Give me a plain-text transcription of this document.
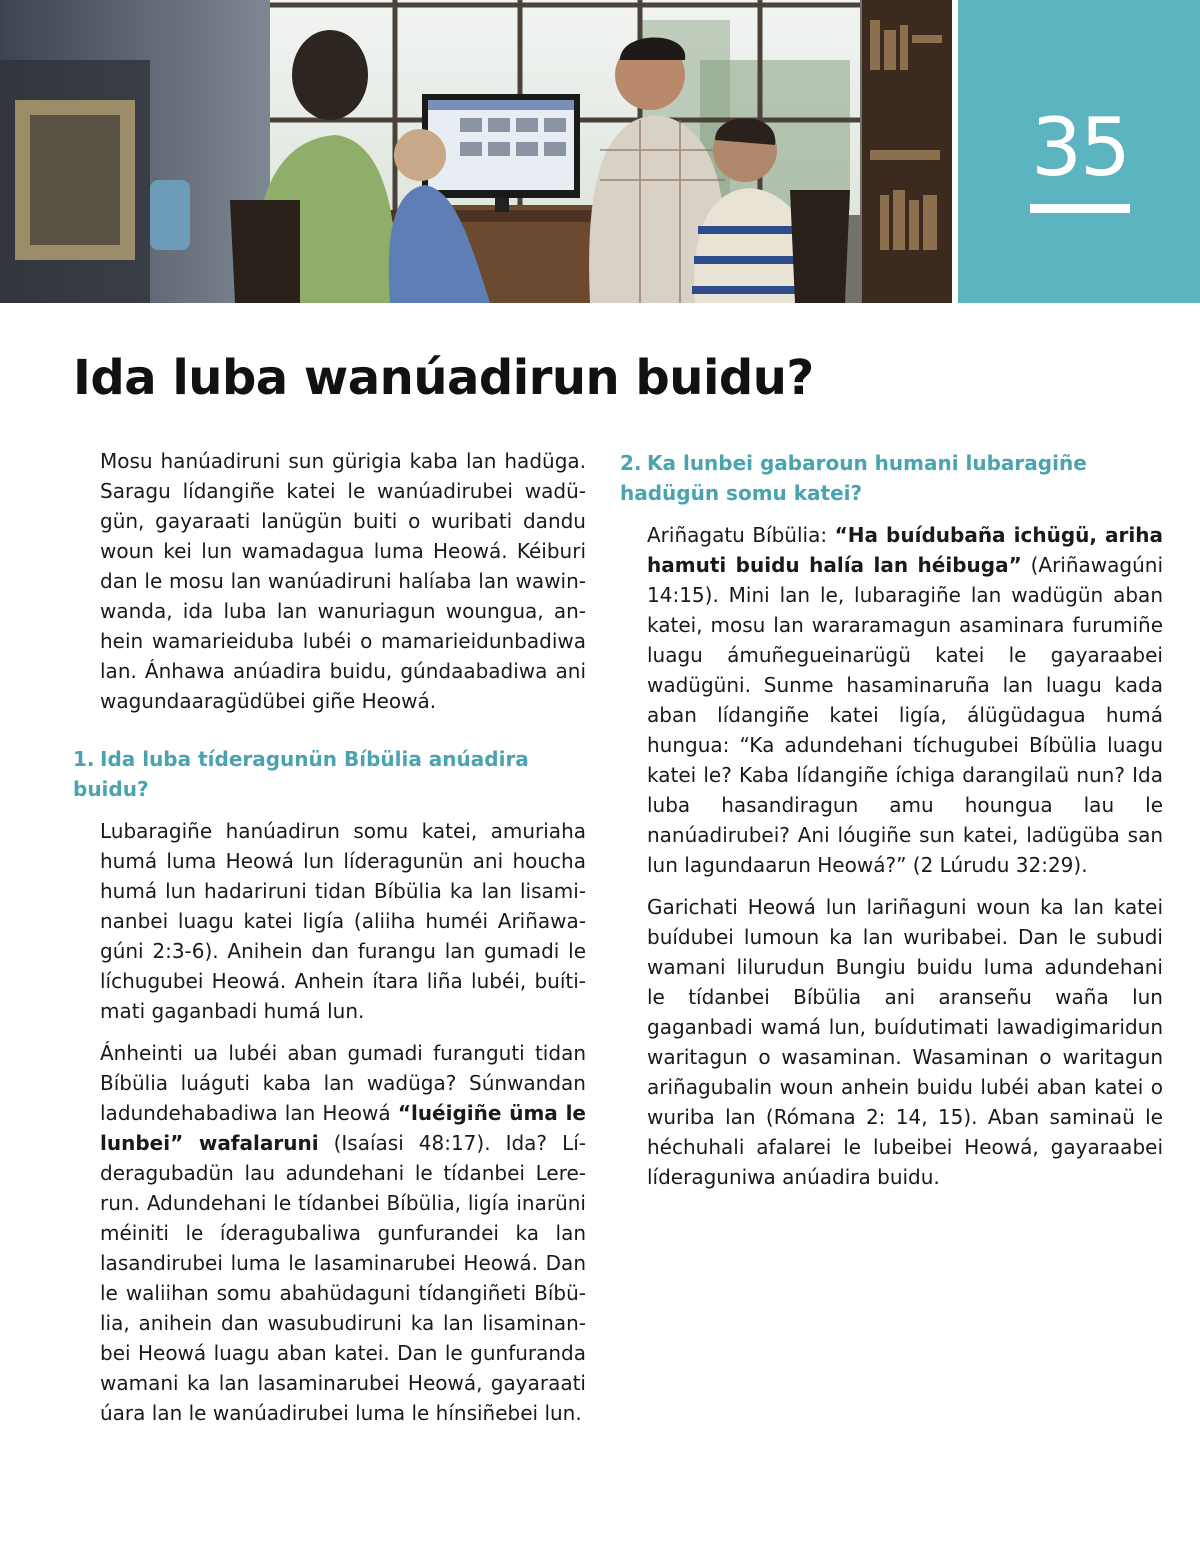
35
Ida luba wanúadirun buidu?

Mosu hanúadiruni sun gürigia kaba lan hadüga. Saragu lídangiñe katei le wanúadirubei wadügün, gayaraati lanügün buiti o wuribati dandu woun kei lun wamadagua luma Heowá. Kéiburi dan le mosu lan wanúadiruni halíaba lan wawinwanda, ida luba lan wanuriagun woungua, anhein wamarieiduba lubéi o mamarieidunbadiwa lan. Ánhawa anúadira buidu, gúndaabadiwa ani wagundaaragüdübei giñe Heowá.

1. Ida luba tíderagunün Bíbülia anúadira buidu?

Lubaragiñe hanúadirun somu katei, amuriaha humá luma Heowá lun líderagunün ani houcha humá lun hadariruni tidan Bíbülia ka lan lisaminanbei luagu katei ligía (aliiha huméi Ariñawagúni 2:3-6). Anihein dan furangu lan gumadi le líchugubei Heowá. Anhein ítara liña lubéi, buítimati gaganbadi humá lun.

Ánheinti ua lubéi aban gumadi furanguti tidan Bíbülia luáguti kaba lan wadüga? Súnwandan ladundehabadiwa lan Heowá “luéigiñe üma le lunbei” wafalaruni (Isaíasi 48:17). Ida? Líderagubadün lau adundehani le tídanbei Lererun. Adundehani le tídanbei Bíbülia, ligía inarüni méiniti le íderagubaliwa gunfurandei ka lan lasandirubei luma le lasaminarubei Heowá. Dan le waliihan somu abahüdaguni tídangiñeti Bíbülia, anihein dan wasubudiruni ka lan lisaminanbei Heowá luagu aban katei. Dan le gunfuranda wamani ka lan lasaminarubei Heowá, gayaraati úara lan le wanúadirubei luma le hínsiñebei lun.

2. Ka lunbei gabaroun humani lubaragiñe hadügün somu katei?

Ariñagatu Bíbülia: “Ha buídubaña ichügü, ariha hamuti buidu halía lan héibuga” (Ariñawagúni 14:15). Mini lan le, lubaragiñe lan wadügün aban katei, mosu lan wararamagun asaminara furumiñe luagu ámuñegueinarügü katei le gayaraabei wadügüni. Sunme hasaminaruña lan luagu kada aban lídangiñe katei ligía, álügüdagua humá hungua: “Ka adundehani tíchugubei Bíbülia luagu katei le? Kaba lídangiñe íchiga darangilaü nun? Ida luba hasandiragun amu houngua lau le nanúadirubei? Ani lóugiñe sun katei, ladügüba san lun lagundaarun Heowá?” (2 Lúrudu 32:29).

Garichati Heowá lun lariñaguni woun ka lan katei buídubei lumoun ka lan wuribabei. Dan le subudi wamani lilurudun Bungiu buidu luma adundehani le tídanbei Bíbülia ani aranseñu waña lun gaganbadi wamá lun, buídutimati lawadigimaridun waritagun o wasaminan. Wasaminan o waritagun ariñagubalin woun anhein buidu lubéi aban katei o wuriba lan (Rómana 2: 14, 15). Aban saminaü le héchuhali afalarei le lubeibei Heowá, gayaraabei líderaguniwa anúadira buidu.
